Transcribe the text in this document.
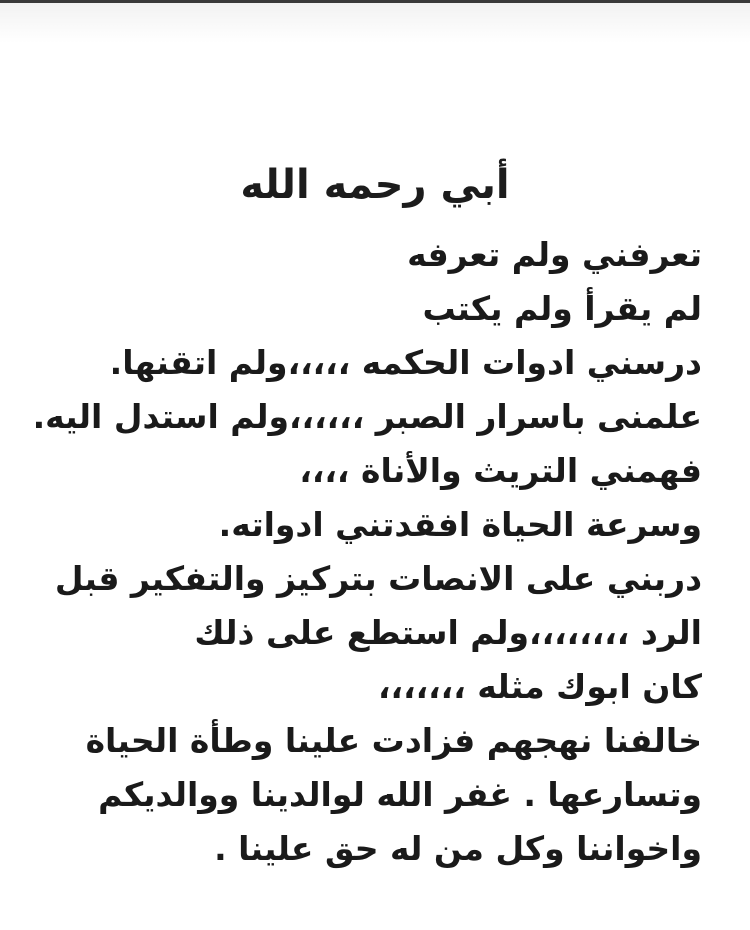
أبي رحمه الله
تعرفني ولم تعرفه
لم يقرأ ولم يكتب
درسني ادوات الحكمه ،،،،،ولم اتقنها.
علمنى باسرار الصبر ،،،،،،ولم استدل اليه.
فهمني التريث والأناة ،،،،
وسرعة الحياة افقدتني ادواته.
دربني على الانصات بتركيز والتفكير قبل
الرد ،،،،،،،،ولم استطع على ذلك
كان ابوك مثله ،،،،،،،
خالفنا نهجهم فزادت علينا وطأة الحياة
وتسارعها . غفر الله لوالدينا ووالديكم
واخواننا وكل من له حق علينا .
